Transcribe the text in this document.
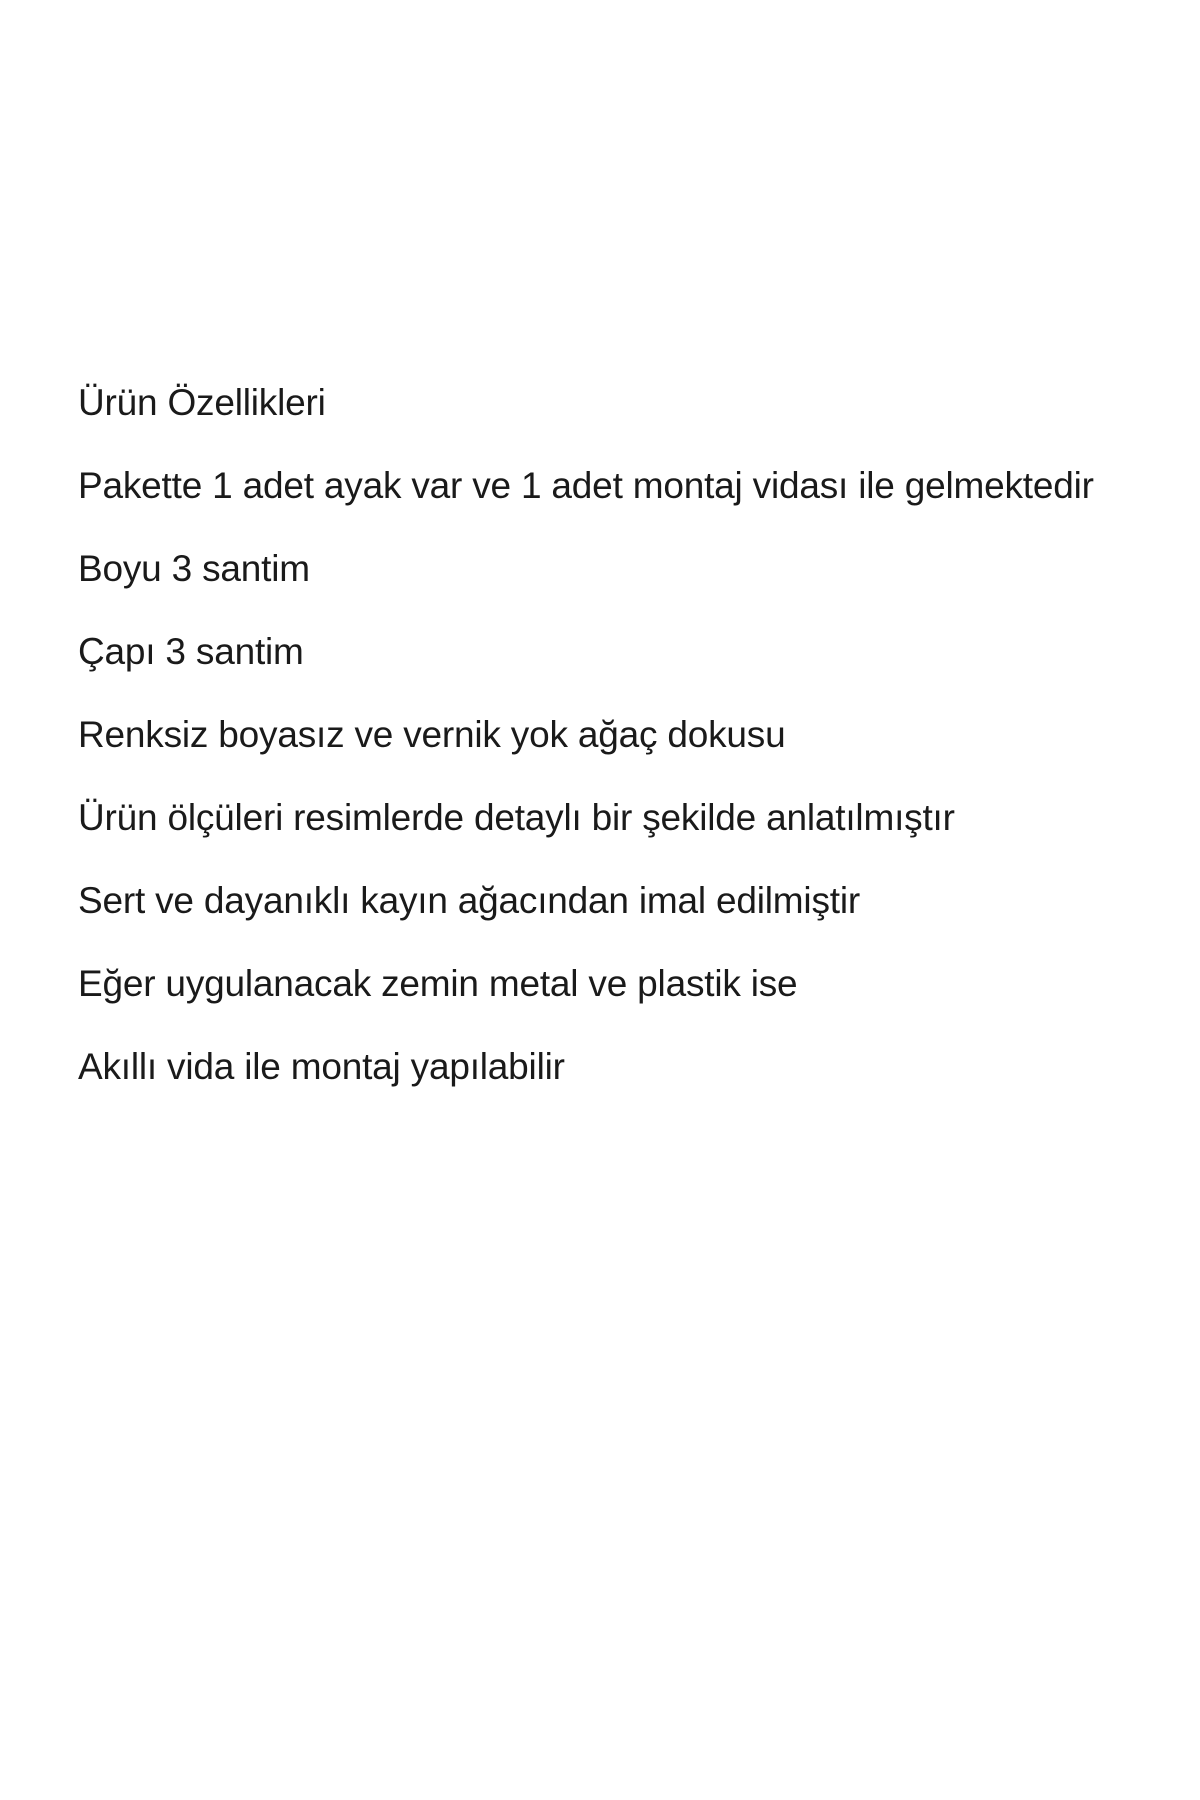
Ürün Özellikleri
Pakette 1 adet ayak var ve 1 adet montaj vidası ile gelmektedir
Boyu 3 santim
Çapı 3 santim
Renksiz boyasız ve vernik yok ağaç dokusu
Ürün ölçüleri resimlerde detaylı bir şekilde anlatılmıştır
Sert ve dayanıklı kayın ağacından imal edilmiştir
Eğer uygulanacak zemin metal ve plastik ise
Akıllı vida ile montaj yapılabilir
